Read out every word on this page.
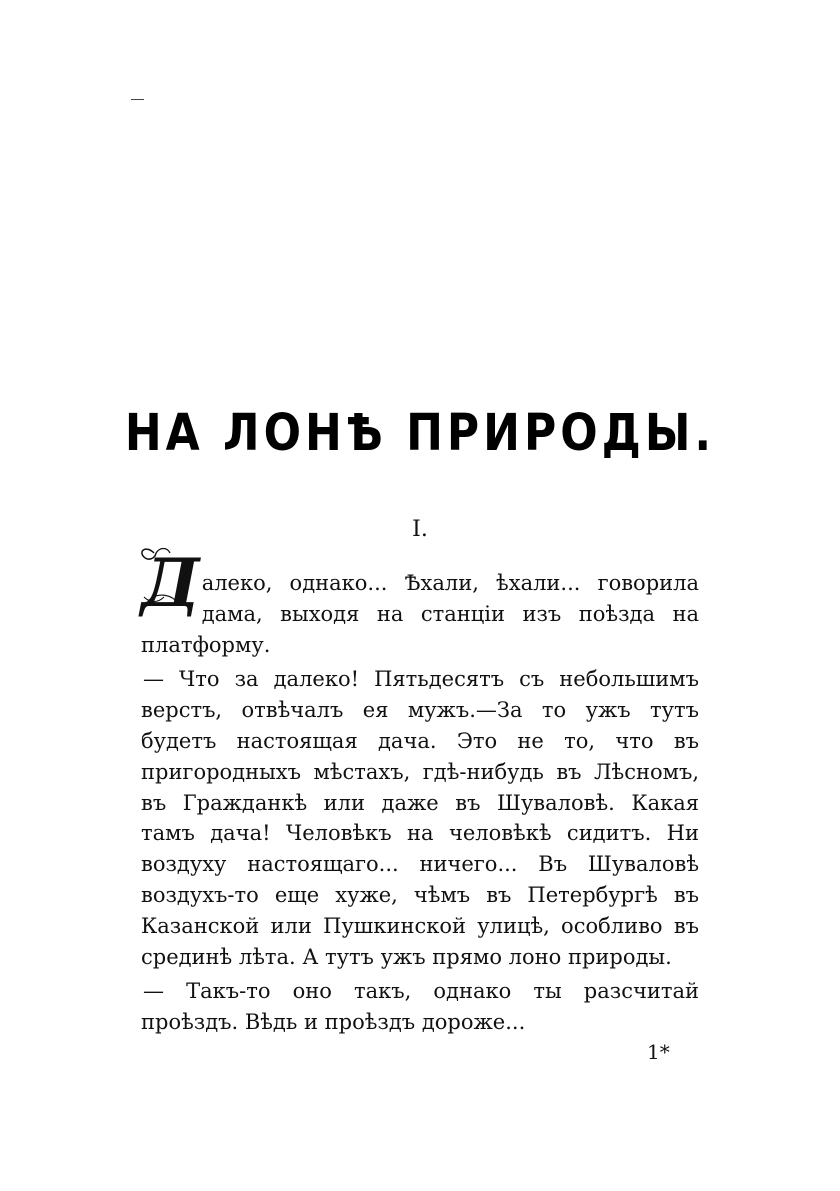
НА ЛОНѢ ПРИРОДЫ.
I.

Д алеко, однако... Ѣхали, ѣхали... говорила дама, выходя на станціи изъ поѣзда на платформу.

— Что за далеко! Пятьдесятъ съ небольшимъ верстъ, отвѣчалъ ея мужъ.—За то ужъ тутъ будетъ настоящая дача. Это не то, что въ пригородныхъ мѣстахъ, гдѣ-нибудь въ Лѣсномъ, въ Гражданкѣ или даже въ Шуваловѣ. Какая тамъ дача! Человѣкъ на человѣкѣ сидитъ. Ни воздуху настоящаго... ничего... Въ Шуваловѣ воздухъ-то еще хуже, чѣмъ въ Петербургѣ въ Казанской или Пушкинской улицѣ, особливо въ срединѣ лѣта. А тутъ ужъ прямо лоно природы.

— Такъ-то оно такъ, однако ты разсчитай проѣздъ. Вѣдь и проѣздъ дороже...

1*
